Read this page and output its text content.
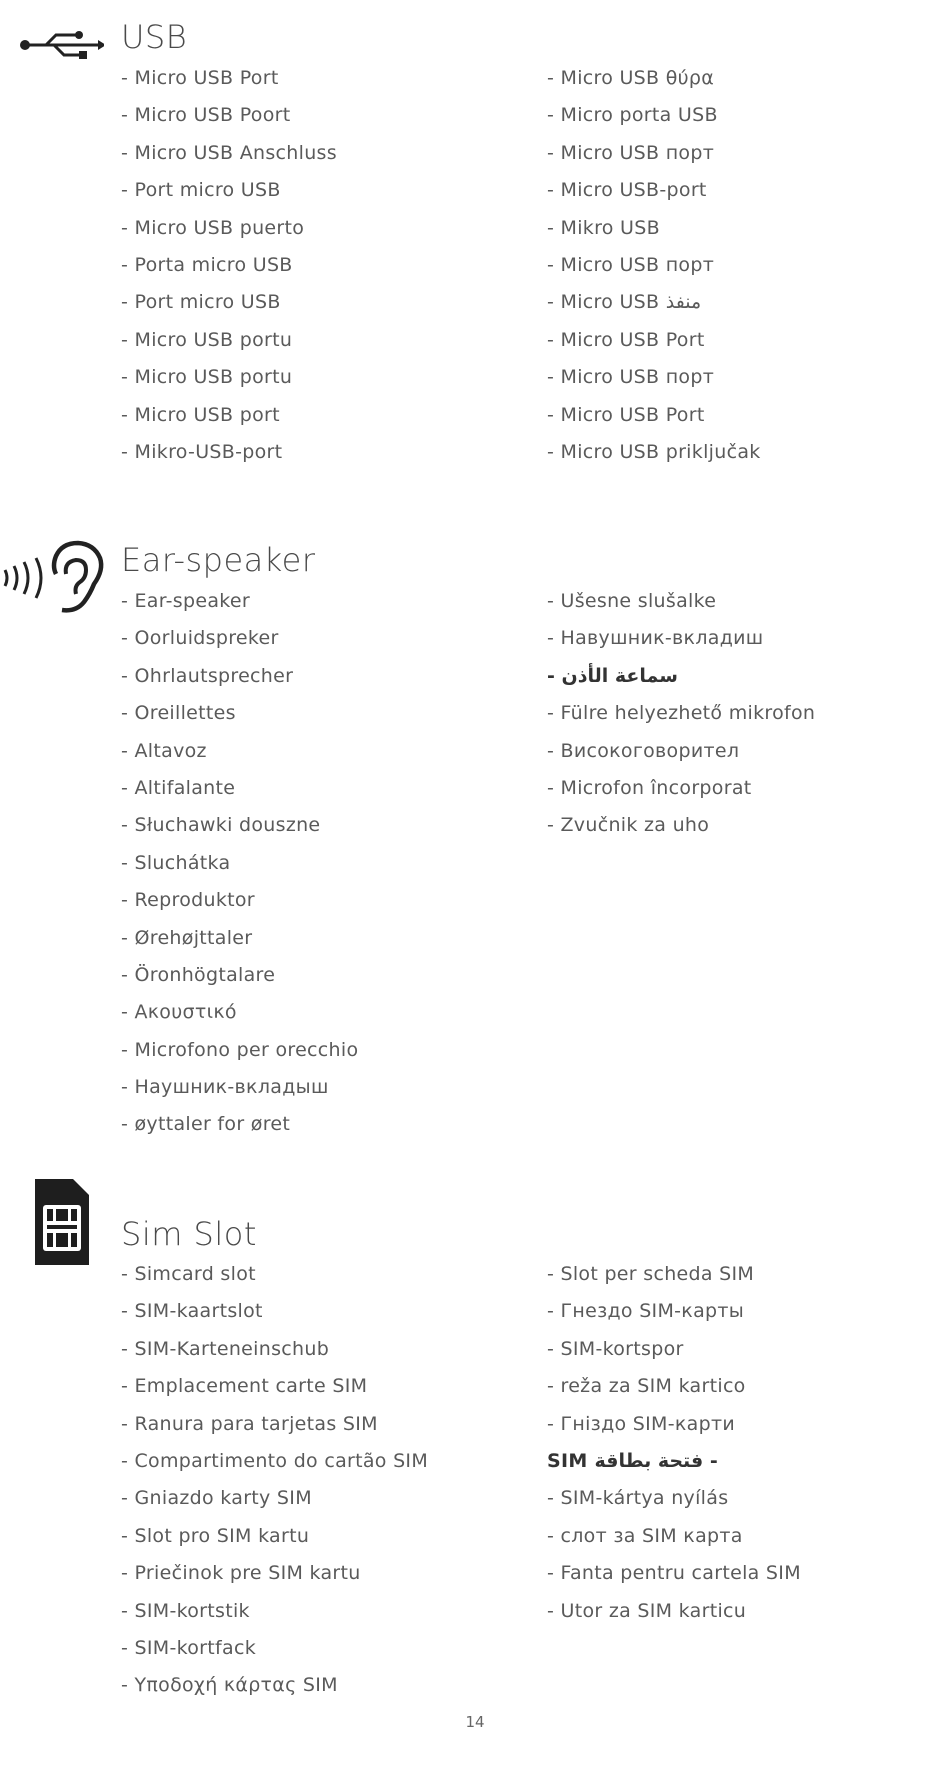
USB
- Micro USB Port
- Micro USB Poort
- Micro USB Anschluss
- Port micro USB
- Micro USB puerto
- Porta micro USB
- Port micro USB
- Micro USB portu
- Micro USB portu
- Micro USB port
- Mikro-USB-port
- Micro USB θύρα
- Micro porta USB
- Micro USB порт
- Micro USB-port
- Mikro USB
- Micro USB порт
- Micro USB منفذ
- Micro USB Port
- Micro USB порт
- Micro USB Port
- Micro USB priključak
Ear-speaker
- Ear-speaker
- Oorluidspreker
- Ohrlautsprecher
- Oreillettes
- Altavoz
- Altifalante
- Słuchawki douszne
- Sluchátka
- Reproduktor
- Ørehøjttaler
- Öronhögtalare
- Ακουστικό
- Microfono per orecchio
- Наушник-вкладыш
- øyttaler for øret
- Ušesne slušalke
- Навушник-вкладиш
- سماعة الأذن
- Fülre helyezhető mikrofon
- Високоговорител
- Microfon încorporat
- Zvučnik za uho
Sim Slot
- Simcard slot
- SIM-kaartslot
- SIM-Karteneinschub
- Emplacement carte SIM
- Ranura para tarjetas SIM
- Compartimento do cartão SIM
- Gniazdo karty SIM
- Slot pro SIM kartu
- Priečinok pre SIM kartu
- SIM-kortstik
- SIM-kortfack
- Υποδοχή κάρτας SIM
- Slot per scheda SIM
- Гнездо SIM-карты
- SIM-kortspor
- reža za SIM kartico
- Гніздо SIM-карти
SIM فتحة بطاقة -
- SIM-kártya nyílás
- слот за SIM карта
- Fanta pentru cartela SIM
- Utor za SIM karticu
14
